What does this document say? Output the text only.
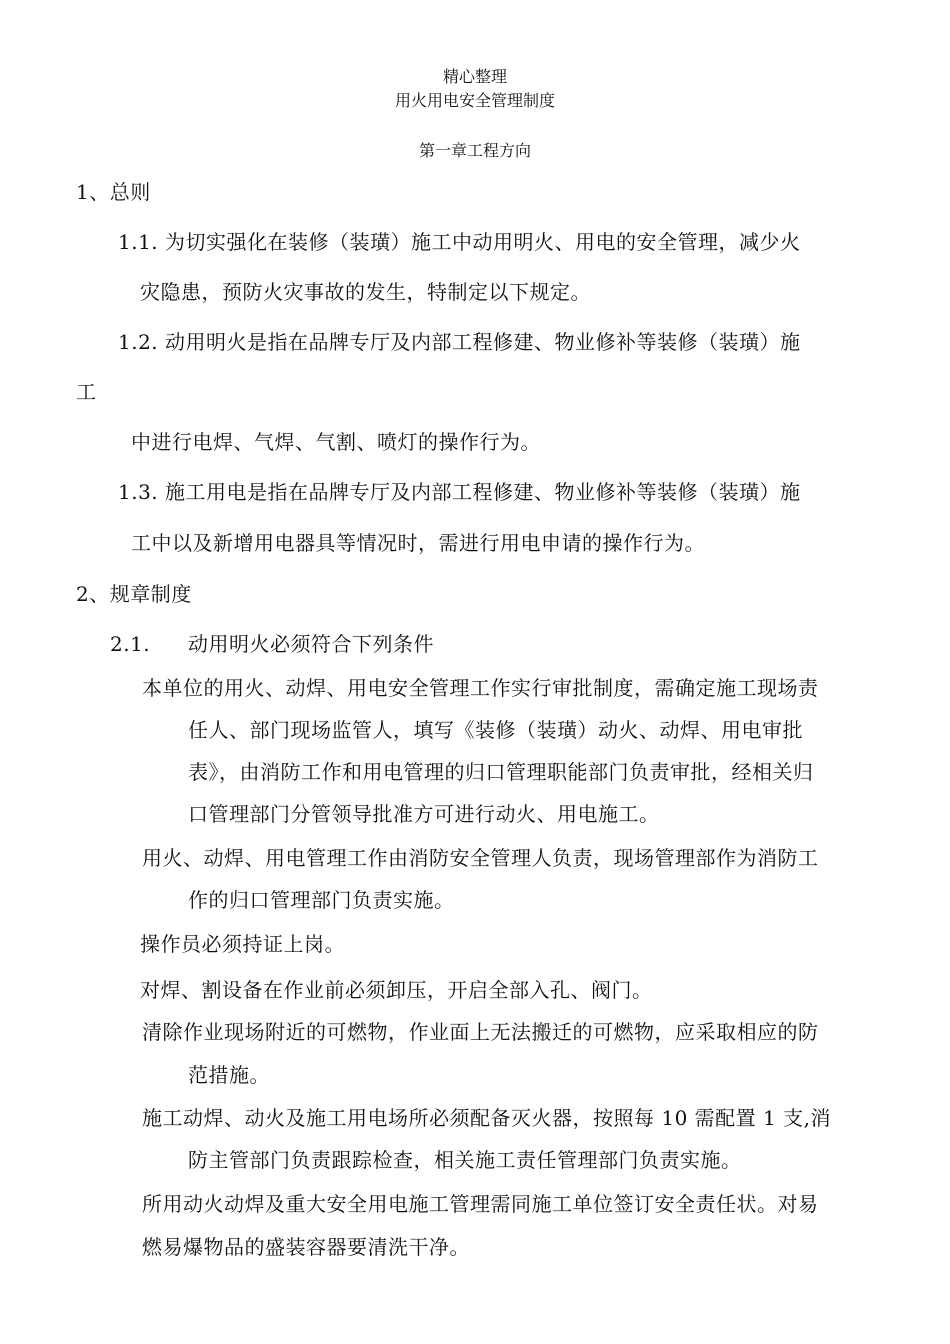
精心整理
用火用电安全管理制度
第一章工程方向
1、总则
1.1. 为切实强化在装修（装璜）施工中动用明火、用电的安全管理，减少火
灾隐患，预防火灾事故的发生，特制定以下规定。
1.2. 动用明火是指在品牌专厅及内部工程修建、物业修补等装修（装璜）施
工
中进行电焊、气焊、气割、喷灯的操作行为。
1.3. 施工用电是指在品牌专厅及内部工程修建、物业修补等装修（装璜）施
工中以及新增用电器具等情况时，需进行用电申请的操作行为。
2、规章制度
2.1. 动用明火必须符合下列条件
本单位的用火、动焊、用电安全管理工作实行审批制度，需确定施工现场责
任人、部门现场监管人，填写《装修（装璜）动火、动焊、用电审批
表》，由消防工作和用电管理的归口管理职能部门负责审批，经相关归
口管理部门分管领导批准方可进行动火、用电施工。
用火、动焊、用电管理工作由消防安全管理人负责，现场管理部作为消防工
作的归口管理部门负责实施。
操作员必须持证上岗。
对焊、割设备在作业前必须卸压，开启全部入孔、阀门。
清除作业现场附近的可燃物，作业面上无法搬迁的可燃物，应采取相应的防
范措施。
施工动焊、动火及施工用电场所必须配备灭火器，按照每 10 需配置 1 支,消
防主管部门负责跟踪检查，相关施工责任管理部门负责实施。
所用动火动焊及重大安全用电施工管理需同施工单位签订安全责任状。对易
燃易爆物品的盛装容器要清洗干净。
